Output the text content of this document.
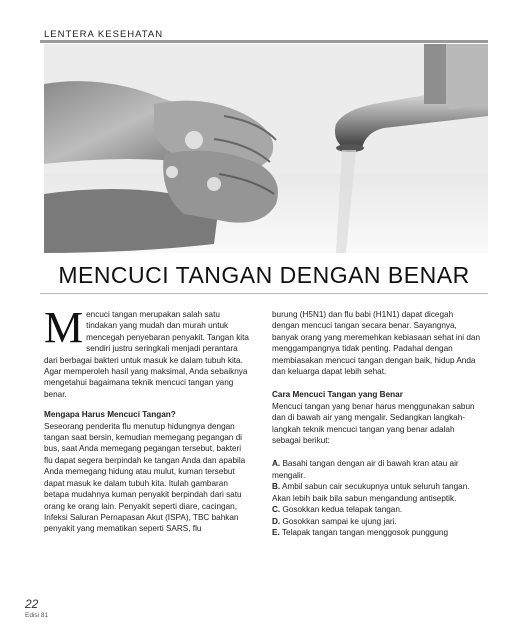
LENTERA KESEHATAN
MENCUCI TANGAN DENGAN BENAR

Mencuci tangan merupakan salah satu tindakan yang mudah dan murah untuk mencegah penyebaran penyakit. Tangan kita sendiri justru seringkali menjadi perantara dari berbagai bakteri untuk masuk ke dalam tubuh kita. Agar memperoleh hasil yang maksimal, Anda sebaiknya mengetahui bagaimana teknik mencuci tangan yang benar.

Mengapa Harus Mencuci Tangan?

Seseorang penderita flu menutup hidungnya dengan tangan saat bersin, kemudian memegang pegangan di bus, saat Anda memegang pegangan tersebut, bakteri flu dapat segera berpindah ke tangan Anda dan apabila Anda memegang hidung atau mulut, kuman tersebut dapat masuk ke dalam tubuh kita. Itulah gambaran betapa mudahnya kuman penyakit berpindah dari satu orang ke orang lain. Penyakit seperti diare, cacingan, Infeksi Saluran Pernapasan Akut (ISPA), TBC bahkan penyakit yang mematikan seperti SARS, flu

burung (H5N1) dan flu babi (H1N1) dapat dicegah dengan mencuci tangan secara benar. Sayangnya, banyak orang yang meremehkan kebiasaan sehat ini dan menggampangnya tidak penting. Padahal dengan membiasakan mencuci tangan dengan baik, hidup Anda dan keluarga dapat lebih sehat.

Cara Mencuci Tangan yang Benar

Mencuci tangan yang benar harus menggunakan sabun dan di bawah air yang mengalir. Sedangkan langkah-langkah teknik mencuci tangan yang benar adalah sebagai berikut:

A. Basahi tangan dengan air di bawah kran atau air mengalir.

B. Ambil sabun cair secukupnya untuk seluruh tangan. Akan lebih baik bila sabun mengandung antiseptik.

C. Gosokkan kedua telapak tangan.

D. Gosokkan sampai ke ujung jari.

E. Telapak tangan tangan menggosok punggung

22
Edisi 81
